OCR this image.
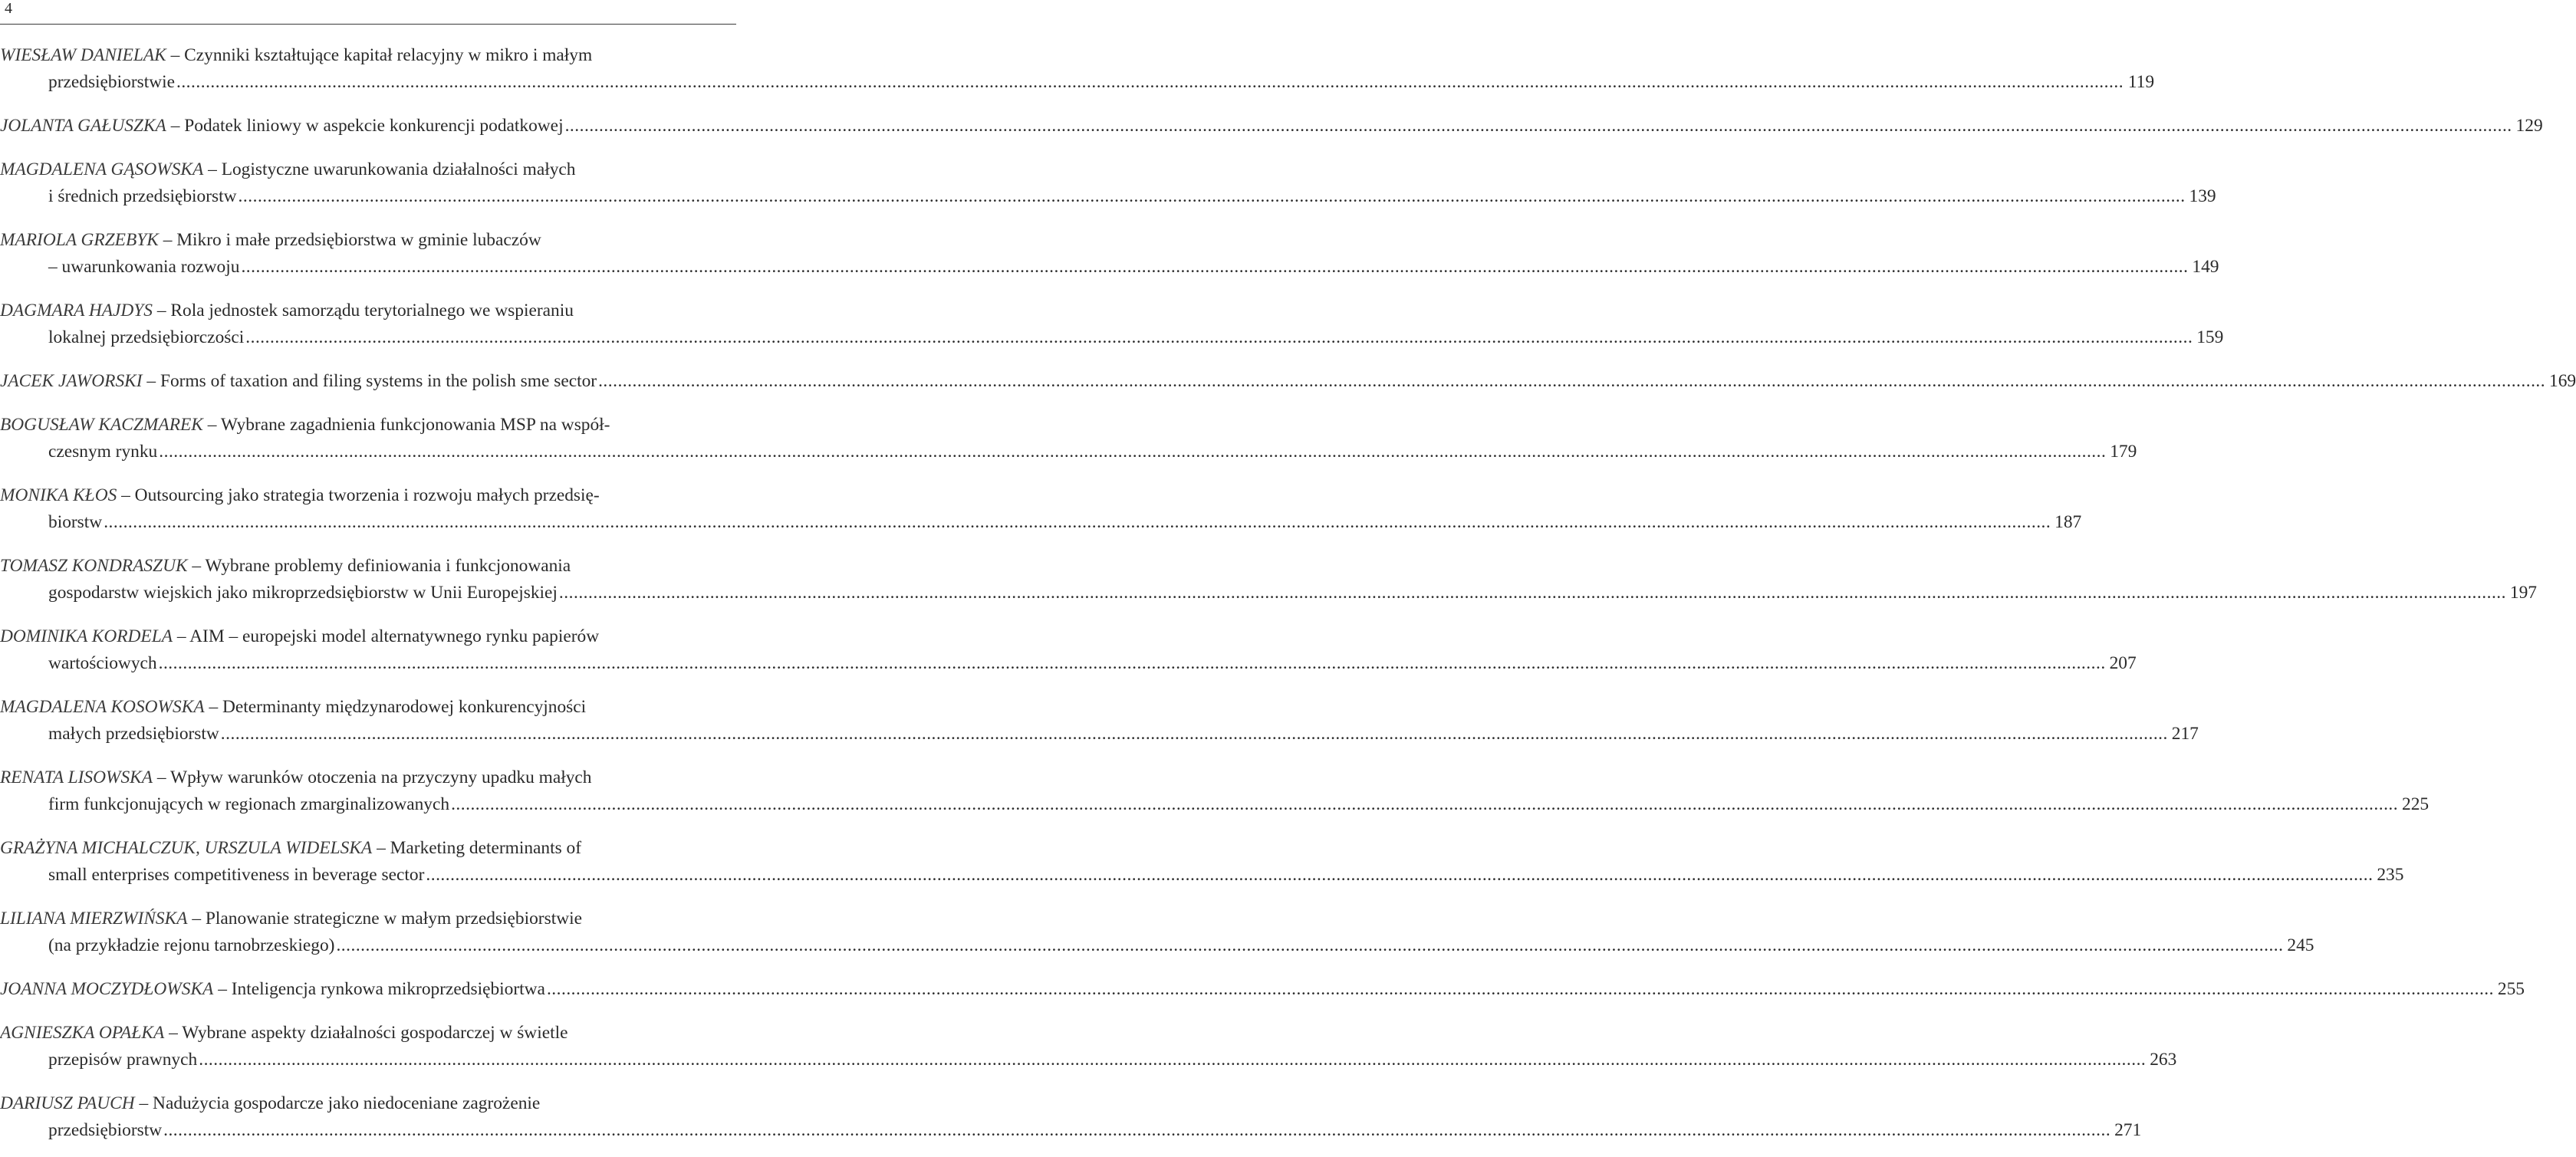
4
WIESŁAW DANIELAK – Czynniki kształtujące kapitał relacyjny w mikro i małym
przedsiębiorstwie ................................................................................................................................................................................................................................................................................................................................................................................................................ 119
JOLANTA GAŁUSZKA – Podatek liniowy w aspekcie konkurencji podatkowej ................................................................................................................................................................................................................................................................................................................................................................................................................ 129
MAGDALENA GĄSOWSKA – Logistyczne uwarunkowania działalności małych
i średnich przedsiębiorstw ................................................................................................................................................................................................................................................................................................................................................................................................................ 139
MARIOLA GRZEBYK – Mikro i małe przedsiębiorstwa w gminie lubaczów
– uwarunkowania rozwoju ................................................................................................................................................................................................................................................................................................................................................................................................................ 149
DAGMARA HAJDYS – Rola jednostek samorządu terytorialnego we wspieraniu
lokalnej przedsiębiorczości ................................................................................................................................................................................................................................................................................................................................................................................................................ 159
JACEK JAWORSKI – Forms of taxation and filing systems in the polish sme sector ................................................................................................................................................................................................................................................................................................................................................................................................................ 169
BOGUSŁAW KACZMAREK – Wybrane zagadnienia funkcjonowania MSP na współ-
czesnym rynku ................................................................................................................................................................................................................................................................................................................................................................................................................ 179
MONIKA KŁOS – Outsourcing jako strategia tworzenia i rozwoju małych przedsię-
biorstw ................................................................................................................................................................................................................................................................................................................................................................................................................ 187
TOMASZ KONDRASZUK – Wybrane problemy definiowania i funkcjonowania
gospodarstw wiejskich jako mikroprzedsiębiorstw w Unii Europejskiej ................................................................................................................................................................................................................................................................................................................................................................................................................ 197
DOMINIKA KORDELA – AIM – europejski model alternatywnego rynku papierów
wartościowych ................................................................................................................................................................................................................................................................................................................................................................................................................ 207
MAGDALENA KOSOWSKA – Determinanty międzynarodowej konkurencyjności
małych przedsiębiorstw ................................................................................................................................................................................................................................................................................................................................................................................................................ 217
RENATA LISOWSKA – Wpływ warunków otoczenia na przyczyny upadku małych
firm funkcjonujących w regionach zmarginalizowanych ................................................................................................................................................................................................................................................................................................................................................................................................................ 225
GRAŻYNA MICHALCZUK, URSZULA WIDELSKA – Marketing determinants of
small enterprises competitiveness in beverage sector ................................................................................................................................................................................................................................................................................................................................................................................................................ 235
LILIANA MIERZWIŃSKA – Planowanie strategiczne w małym przedsiębiorstwie
(na przykładzie rejonu tarnobrzeskiego) ................................................................................................................................................................................................................................................................................................................................................................................................................ 245
JOANNA MOCZYDŁOWSKA – Inteligencja rynkowa mikroprzedsiębiortwa ................................................................................................................................................................................................................................................................................................................................................................................................................ 255
AGNIESZKA OPAŁKA – Wybrane aspekty działalności gospodarczej w świetle
przepisów prawnych ................................................................................................................................................................................................................................................................................................................................................................................................................ 263
DARIUSZ PAUCH – Nadużycia gospodarcze jako niedoceniane zagrożenie
przedsiębiorstw ................................................................................................................................................................................................................................................................................................................................................................................................................ 271
